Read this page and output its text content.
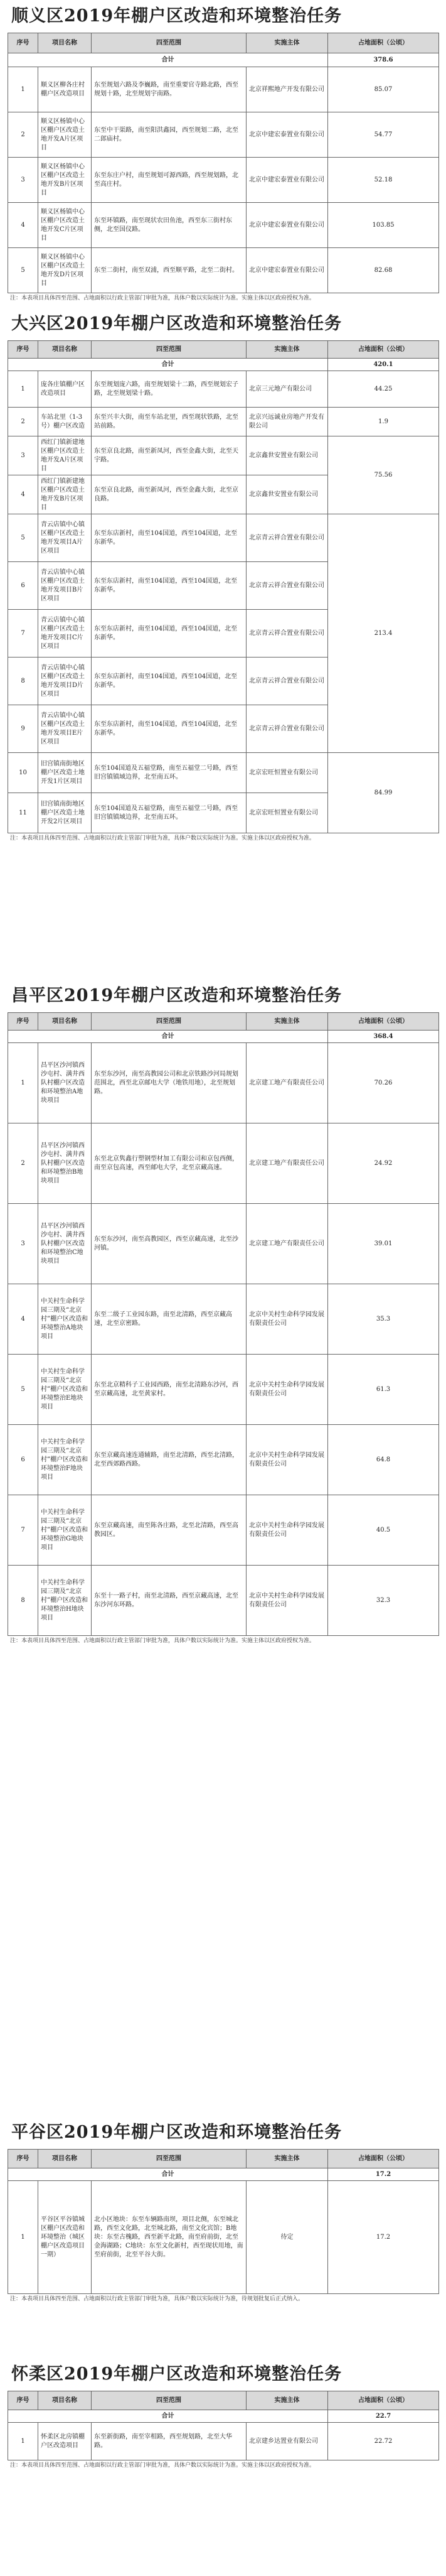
顺义区2019年棚户区改造和环境整治任务
序号	项目名称	四至范围	实施主体	占地面积（公顷）
合计				378.6
1	顺义区柳各庄村棚户区改造项目	东至规划六路及李巍路，南至重要官寺路北路，西至规划十路，北至规划宇南路。	北京祥熙地产开发有限公司	85.07
2	顺义区杨镇中心区棚户区改造土地开发A片区项目	东至中干渠路，南至阳洪鑫园，西至规划二路，北至二郎庙村。	北京中建宏泰置业有限公司	54.77
3	顺义区杨镇中心区棚户区改造土地开发B片区项目	东至东庄户村，南至规划可源西路，西至规划路，北至高庄村。	北京中建宏泰置业有限公司	52.18
4	顺义区杨镇中心区棚户区改造土地开发C片区项目	东至环镇路，南至现状农田鱼池，西至东三街村东侧，北至国仪路。	北京中建宏泰置业有限公司	103.85
5	顺义区杨镇中心区棚户区改造土地开发D片区项目	东至二街村，南至双浦，西至顺平路，北至二街村。	北京中建宏泰置业有限公司	82.68
注：本表项目具体四至范围、占地面积以行政主管部门审批为准，具体户数以实际统计为准。实施主体以区政府授权为准。
大兴区2019年棚户区改造和环境整治任务
序号	项目名称	四至范围	实施主体	占地面积（公顷）
合计				420.1
1	庞各庄镇棚户区改造项目	东至规划庞六路，南至规划梁十二路，西至规划宏子路，北至规划梁十路。	北京三元地产有限公司	44.25
2	车站北里（1-3号）棚户区改造	东至兴丰大街，南至车站北里，西至现状铁路，北至站前路。	北京兴远诚业房地产开发有限公司	1.9
3	西红门镇新建地区棚户区改造土地开发A片区项目	东至京良北路，南至新凤河，西至金鑫大街，北至天宇路。	北京鑫世安置业有限公司	75.56
4	西红门镇新建地区棚户区改造土地开发B片区项目	东至京良北路，南至新凤河，西至金鑫大街，北至京良路。	北京鑫世安置业有限公司	
5	青云店镇中心镇区棚户区改造土地开发项目A片区项目	东至东店新村，南至104国道，西至104国道，北至东新华。	北京青云祥合置业有限公司	213.4
6	青云店镇中心镇区棚户区改造土地开发项目B片区项目	东至东店新村，南至104国道，西至104国道，北至东新华。	北京青云祥合置业有限公司	
7	青云店镇中心镇区棚户区改造土地开发项目C片区项目	东至东店新村，南至104国道，西至104国道，北至东新华。	北京青云祥合置业有限公司	
8	青云店镇中心镇区棚户区改造土地开发项目D片区项目	东至东店新村，南至104国道，西至104国道，北至东新华。	北京青云祥合置业有限公司	
9	青云店镇中心镇区棚户区改造土地开发项目E片区项目	东至东店新村，南至104国道，西至104国道，北至东新华。	北京青云祥合置业有限公司	
10	旧宫镇南街地区棚户区改造土地开发1片区项目	东至104国道及五福堂路，南至五福堂二号路，西至旧宫镇镇域边界，北至南五环。	北京宏旺恒置业有限公司	84.99
11	旧宫镇南街地区棚户区改造土地开发2片区项目	东至104国道及五福堂路，南至五福堂二号路，西至旧宫镇镇域边界，北至南五环。	北京宏旺恒置业有限公司	
注：本表项目具体四至范围、占地面积以行政主管部门审批为准，具体户数以实际统计为准。实施主体以区政府授权为准。
昌平区2019年棚户区改造和环境整治任务
序号	项目名称	四至范围	实施主体	占地面积（公顷）
合计				368.4
1	昌平区沙河镇西沙屯村、满井西队村棚户区改造和环境整治A地块项目	东至东沙河，南至高教园公司和北京铁路沙河局规划范围北，西至北京邮电大学（地铁用地），北至规划路。	北京建工地产有限责任公司	70.26
2	昌平区沙河镇西沙屯村、满井西队村棚户区改造和环境整治B地块项目	东至北京隽鑫行塑钢型材加工有限公司和京包西侧，南至京包高速，西至邮电大学，北至京藏高速。	北京建工地产有限责任公司	24.92
3	昌平区沙河镇西沙屯村、满井西队村棚户区改造和环境整治C地块项目	东至东沙河，南至高教园区，西至京藏高速，北至沙河镇。	北京建工地产有限责任公司	39.01
4	中关村生命科学园三期及“北京村”棚户区改造和环境整治A地块项目	东至二级子工业园东路，南至北清路，西至京藏高速，北至京密路。	北京中关村生命科学园发展有限责任公司	35.3
5	中关村生命科学园三期及“北京村”棚户区改造和环境整治E地块项目	东至北京精科子工业园西路，南至北清路东沙河，西至京藏高速，北至黄家村。	北京中关村生命科学园发展有限责任公司	61.3
6	中关村生命科学园三期及“北京村”棚户区改造和环境整治F地块项目	东至京藏高速连通辅路，南至北清路，西至北清路，北至西郊路西路。	北京中关村生命科学园发展有限责任公司	64.8
7	中关村生命科学园三期及“北京村”棚户区改造和环境整治G地块项目	东至京藏高速，南至陈各庄路，北至北清路，西至高教园区。	北京中关村生命科学园发展有限责任公司	40.5
8	中关村生命科学园三期及“北京村”棚户区改造和环境整治H地块项目	东至十一路子村，南至北清路，西至京藏高速，北至东沙河东环路。	北京中关村生命科学园发展有限责任公司	32.3
注：本表项目具体四至范围、占地面积以行政主管部门审批为准，具体户数以实际统计为准。实施主体以区政府授权为准。
平谷区2019年棚户区改造和环境整治任务
序号	项目名称	四至范围	实施主体	占地面积（公顷）
合计				17.2
1	平谷区平谷镇城区棚户区改造和环境整治（城区棚户区改造项目一期）	北小区地块：东至车辆路南坝，项目北侧，东至城北路，西至文化路，北至城北路，南至文化宾馆；B地块：东至古槐路，西至新平北路，南至府前街，北至金海湖路；C地块：东至文化新村，西至现状用地，南至府前街，北至平谷大街。	待定	17.2
注：本表项目具体四至范围、占地面积以行政主管部门审批为准，具体户数以实际统计为准，待规划批复后正式纳入。
怀柔区2019年棚户区改造和环境整治任务
序号	项目名称	四至范围	实施主体	占地面积（公顷）
合计				22.7
1	怀柔区北房镇棚户区改造项目	东至新街路，南至宰相路，西至规划路，北至大华路。	北京建乡达置业有限公司	22.72
注：本表项目具体四至范围、占地面积以行政主管部门审批为准，具体户数以实际统计为准。实施主体以区政府授权为准。
